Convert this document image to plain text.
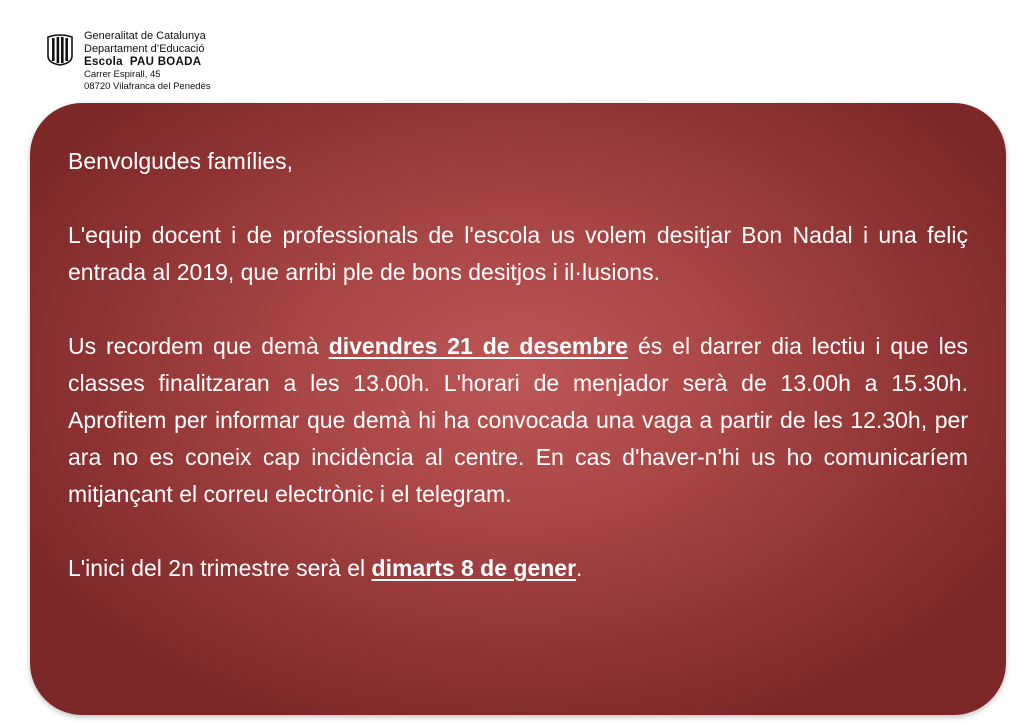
Generalitat de Catalunya
Departament d’Educació
Escola  PAU BOADA
Carrer Espirall, 45
08720 Vilafranca del Penedès

Benvolgudes famílies,

L'equip docent i de professionals de l'escola us volem desitjar Bon Nadal i una feliç entrada al 2019, que arribi ple de bons desitjos i il·lusions.

Us recordem que demà divendres 21 de desembre és el darrer dia lectiu i que les classes finalitzaran a les 13.00h. L'horari de menjador serà de 13.00h a 15.30h. Aprofitem per informar que demà hi ha convocada una vaga a partir de les 12.30h, per ara no es coneix cap incidència al centre. En cas d'haver-n'hi us ho comunicaríem mitjançant el correu electrònic i el telegram.

L'inici del 2n trimestre serà el dimarts 8 de gener.
